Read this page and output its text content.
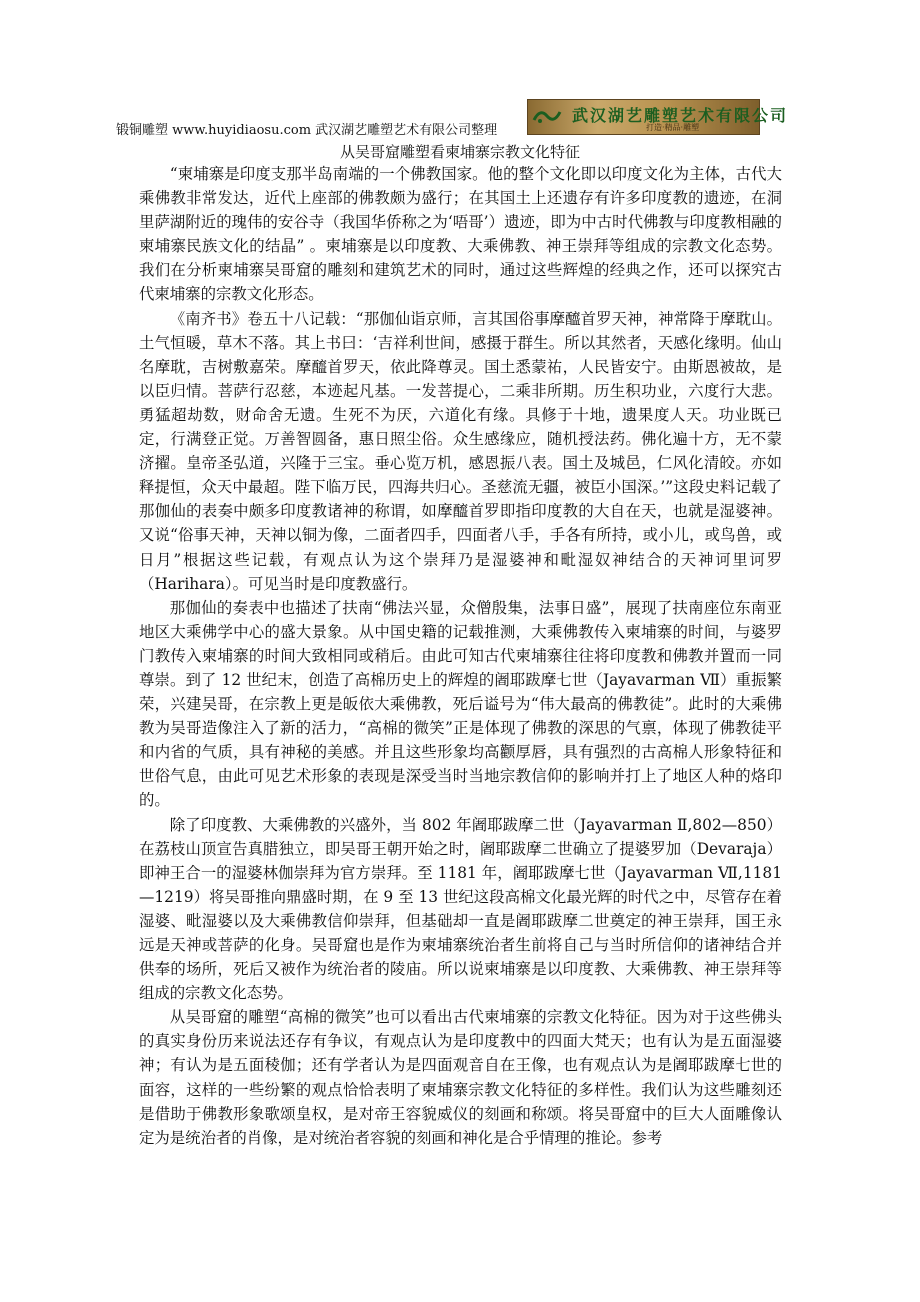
锻铜雕塑 www.huyidiaosu.com 武汉湖艺雕塑艺术有限公司整理
武汉湖艺雕塑艺术有限公司
打造·精品·雕塑
从吴哥窟雕塑看柬埔寨宗教文化特征

“柬埔寨是印度支那半岛南端的一个佛教国家。他的整个文化即以印度文化为主体，古代大乘佛教非常发达，近代上座部的佛教颇为盛行；在其国土上还遗存有许多印度教的遗迹，在洞里萨湖附近的瑰伟的安谷寺（我国华侨称之为‘唔哥’）遗迹，即为中古时代佛教与印度教相融的柬埔寨民族文化的结晶” 。柬埔寨是以印度教、大乘佛教、神王崇拜等组成的宗教文化态势。我们在分析柬埔寨吴哥窟的雕刻和建筑艺术的同时，通过这些辉煌的经典之作，还可以探究古代柬埔寨的宗教文化形态。

《南齐书》卷五十八记载：“那伽仙诣京师，言其国俗事摩醯首罗天神，神常降于摩耽山。土气恒暖，草木不落。其上书曰：‘吉祥利世间，感摄于群生。所以其然者，天感化缘明。仙山名摩耽，吉树敷嘉荣。摩醯首罗天，依此降尊灵。国土悉蒙祐，人民皆安宁。由斯恩被故，是以臣归情。菩萨行忍慈，本迹起凡基。一发菩提心，二乘非所期。历生积功业，六度行大悲。勇猛超劫数，财命舍无遗。生死不为厌，六道化有缘。具修于十地，遗果度人天。功业既已定，行满登正觉。万善智圆备，惠日照尘俗。众生感缘应，随机授法药。佛化遍十方，无不蒙济擢。皇帝圣弘道，兴隆于三宝。垂心览万机，感恩振八表。国土及城邑，仁风化清皎。亦如释提恒，众天中最超。陛下临万民，四海共归心。圣慈流无疆，被臣小国深。’”这段史料记载了那伽仙的表奏中颇多印度教诸神的称谓，如摩醯首罗即指印度教的大自在天，也就是湿婆神。又说“俗事天神，天神以铜为像，二面者四手，四面者八手，手各有所持，或小儿，或鸟兽，或日月”根据这些记载，有观点认为这个崇拜乃是湿婆神和毗湿奴神结合的天神诃里诃罗（Harihara）。可见当时是印度教盛行。

那伽仙的奏表中也描述了扶南“佛法兴显，众僧殷集，法事日盛”，展现了扶南座位东南亚地区大乘佛学中心的盛大景象。从中国史籍的记载推测，大乘佛教传入柬埔寨的时间，与婆罗门教传入柬埔寨的时间大致相同或稍后。由此可知古代柬埔寨往往将印度教和佛教并置而一同尊崇。到了 12 世纪末，创造了高棉历史上的辉煌的阇耶跋摩七世（Jayavarman Ⅶ）重振繁荣，兴建吴哥，在宗教上更是皈依大乘佛教，死后谥号为“伟大最高的佛教徒”。此时的大乘佛教为吴哥造像注入了新的活力，“高棉的微笑”正是体现了佛教的深思的气禀，体现了佛教徒平和内省的气质，具有神秘的美感。并且这些形象均高颧厚唇，具有强烈的古高棉人形象特征和世俗气息，由此可见艺术形象的表现是深受当时当地宗教信仰的影响并打上了地区人种的烙印的。

除了印度教、大乘佛教的兴盛外，当 802 年阇耶跋摩二世（Jayavarman Ⅱ,802—850）在荔枝山顶宣告真腊独立，即吴哥王朝开始之时，阇耶跋摩二世确立了提婆罗加（Devaraja）即神王合一的湿婆林伽崇拜为官方崇拜。至 1181 年，阇耶跋摩七世（Jayavarman Ⅶ,1181—1219）将吴哥推向鼎盛时期，在 9 至 13 世纪这段高棉文化最光辉的时代之中，尽管存在着湿婆、毗湿婆以及大乘佛教信仰崇拜，但基础却一直是阇耶跋摩二世奠定的神王崇拜，国王永远是天神或菩萨的化身。吴哥窟也是作为柬埔寨统治者生前将自己与当时所信仰的诸神结合并供奉的场所，死后又被作为统治者的陵庙。所以说柬埔寨是以印度教、大乘佛教、神王崇拜等组成的宗教文化态势。

从吴哥窟的雕塑“高棉的微笑”也可以看出古代柬埔寨的宗教文化特征。因为对于这些佛头的真实身份历来说法还存有争议，有观点认为是印度教中的四面大梵天；也有认为是五面湿婆神；有认为是五面稜伽；还有学者认为是四面观音自在王像，也有观点认为是阇耶跋摩七世的面容，这样的一些纷繁的观点恰恰表明了柬埔寨宗教文化特征的多样性。我们认为这些雕刻还是借助于佛教形象歌颂皇权，是对帝王容貌威仪的刻画和称颂。将吴哥窟中的巨大人面雕像认定为是统治者的肖像，是对统治者容貌的刻画和神化是合乎情理的推论。参考
